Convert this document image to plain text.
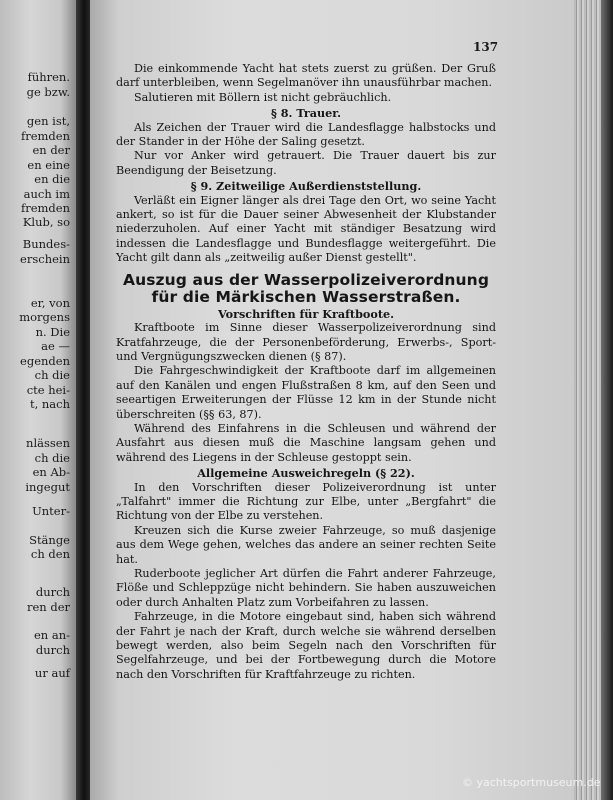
führen.
ge bzw.
gen ist,
fremden
en der
en eine
en die
auch im
fremden
Klub, so
Bundes-
erschein
er, von
morgens
n. Die
ae —
egenden
ch die
cte hei-
t, nach
nlässen
ch die
en Ab-
ingegut
Unter-
Stänge
ch den
durch
ren der
en an-
durch
ur auf
137

Die einkommende Yacht hat stets zuerst zu grüßen. Der Gruß darf unterbleiben, wenn Segelmanöver ihn unausführbar machen.

Salutieren mit Böllern ist nicht gebräuchlich.

§ 8. Trauer.

Als Zeichen der Trauer wird die Landesflagge halbstocks und der Stander in der Höhe der Saling gesetzt.

Nur vor Anker wird getrauert. Die Trauer dauert bis zur Beendigung der Beisetzung.

§ 9. Zeitweilige Außerdienststellung.

Verläßt ein Eigner länger als drei Tage den Ort, wo seine Yacht ankert, so ist für die Dauer seiner Abwesenheit der Klubstander niederzuholen. Auf einer Yacht mit ständiger Besatzung wird indessen die Landesflagge und Bundesflagge weitergeführt. Die Yacht gilt dann als „zeitweilig außer Dienst gestellt".

Auszug aus der Wasserpolizeiverordnung
für die Märkischen Wasserstraßen.
Vorschriften für Kraftboote.

Kraftboote im Sinne dieser Wasserpolizeiverordnung sind Kratfahrzeuge, die der Personenbeförderung, Erwerbs-, Sport- und Vergnügungszwecken dienen (§ 87).

Die Fahrgeschwindigkeit der Kraftboote darf im allgemeinen auf den Kanälen und engen Flußstraßen 8 km, auf den Seen und seeartigen Erweiterungen der Flüsse 12 km in der Stunde nicht überschreiten (§§ 63, 87).

Während des Einfahrens in die Schleusen und während der Ausfahrt aus diesen muß die Maschine langsam gehen und während des Liegens in der Schleuse gestoppt sein.

Allgemeine Ausweichregeln (§ 22).

In den Vorschriften dieser Polizeiverordnung ist unter „Talfahrt" immer die Richtung zur Elbe, unter „Bergfahrt" die Richtung von der Elbe zu verstehen.

Kreuzen sich die Kurse zweier Fahrzeuge, so muß dasjenige aus dem Wege gehen, welches das andere an seiner rechten Seite hat.

Ruderboote jeglicher Art dürfen die Fahrt anderer Fahrzeuge, Flöße und Schleppzüge nicht behindern. Sie haben auszuweichen oder durch Anhalten Platz zum Vorbeifahren zu lassen.

Fahrzeuge, in die Motore eingebaut sind, haben sich während der Fahrt je nach der Kraft, durch welche sie während derselben bewegt werden, also beim Segeln nach den Vorschriften für Segelfahrzeuge, und bei der Fortbewegung durch die Motore nach den Vorschriften für Kraftfahrzeuge zu richten.

© yachtsportmuseum.de
